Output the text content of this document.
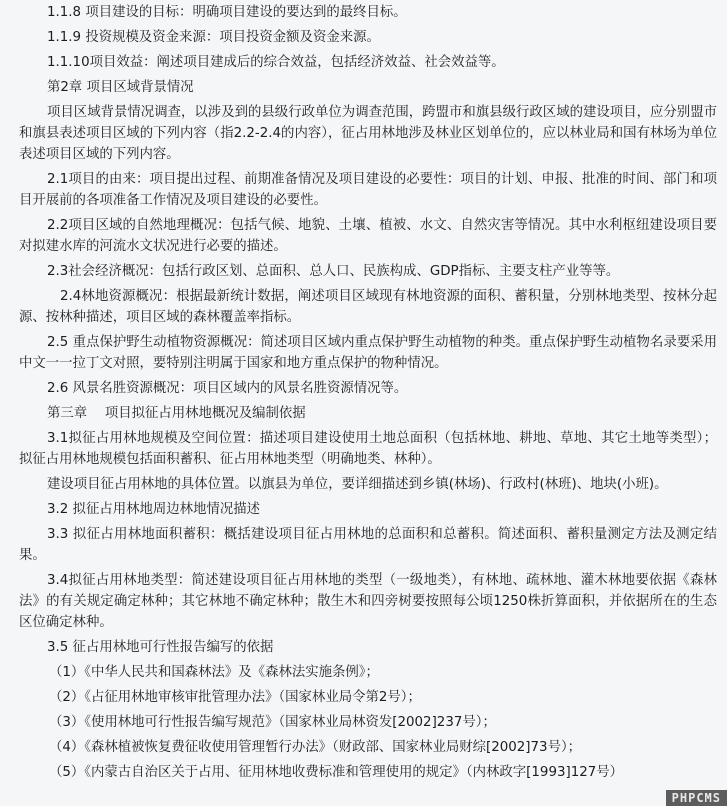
1.1.8 项目建设的目标：明确项目建设的要达到的最终目标。
1.1.9 投资规模及资金来源：项目投资金额及资金来源。
1.1.10项目效益：阐述项目建成后的综合效益，包括经济效益、社会效益等。
第2章 项目区域背景情况
项目区域背景情况调查，以涉及到的县级行政单位为调查范围，跨盟市和旗县级行政区域的建设项目，应分别盟市和旗县表述项目区域的下列内容（指2.2-2.4的内容），征占用林地涉及林业区划单位的，应以林业局和国有林场为单位表述项目区域的下列内容。
2.1项目的由来：项目提出过程、前期准备情况及项目建设的必要性：项目的计划、申报、批准的时间、部门和项目开展前的各项准备工作情况及项目建设的必要性。
2.2项目区域的自然地理概况：包括气候、地貌、土壤、植被、水文、自然灾害等情况。其中水利枢纽建设项目要对拟建水库的河流水文状况进行必要的描述。
2.3社会经济概况：包括行政区划、总面积、总人口、民族构成、GDP指标、主要支柱产业等等。
2.4林地资源概况：根据最新统计数据，阐述项目区域现有林地资源的面积、蓄积量，分别林地类型、按林分起源、按林种描述，项目区域的森林覆盖率指标。
2.5 重点保护野生动植物资源概况：简述项目区域内重点保护野生动植物的种类。重点保护野生动植物名录要采用中文一一拉丁文对照，要特别注明属于国家和地方重点保护的物种情况。
2.6 风景名胜资源概况：项目区域内的风景名胜资源情况等。
第三章　 项目拟征占用林地概况及编制依据
3.1拟征占用林地规模及空间位置：描述项目建设使用土地总面积（包括林地、耕地、草地、其它土地等类型）；拟征占用林地规模包括面积蓄积、征占用林地类型（明确地类、林种）。
建设项目征占用林地的具体位置。以旗县为单位，要详细描述到乡镇(林场)、行政村(林班)、地块(小班)。
3.2 拟征占用林地周边林地情况描述
3.3 拟征占用林地面积蓄积：概括建设项目征占用林地的总面积和总蓄积。简述面积、蓄积量测定方法及测定结果。
3.4拟征占用林地类型：简述建设项目征占用林地的类型（一级地类），有林地、疏林地、灌木林地要依据《森林法》的有关规定确定林种；其它林地不确定林种；散生木和四旁树要按照每公顷1250株折算面积，并依据所在的生态区位确定林种。
3.5 征占用林地可行性报告编写的依据
（1）《中华人民共和国森林法》及《森林法实施条例》；
（2）《占征用林地审核审批管理办法》（国家林业局令第2号）；
（3）《使用林地可行性报告编写规范》（国家林业局林资发[2002]237号）；
（4）《森林植被恢复费征收使用管理暂行办法》（财政部、国家林业局财综[2002]73号）；
（5）《内蒙古自治区关于占用、征用林地收费标准和管理使用的规定》（内林政字[1993]127号）
PHPCMS
